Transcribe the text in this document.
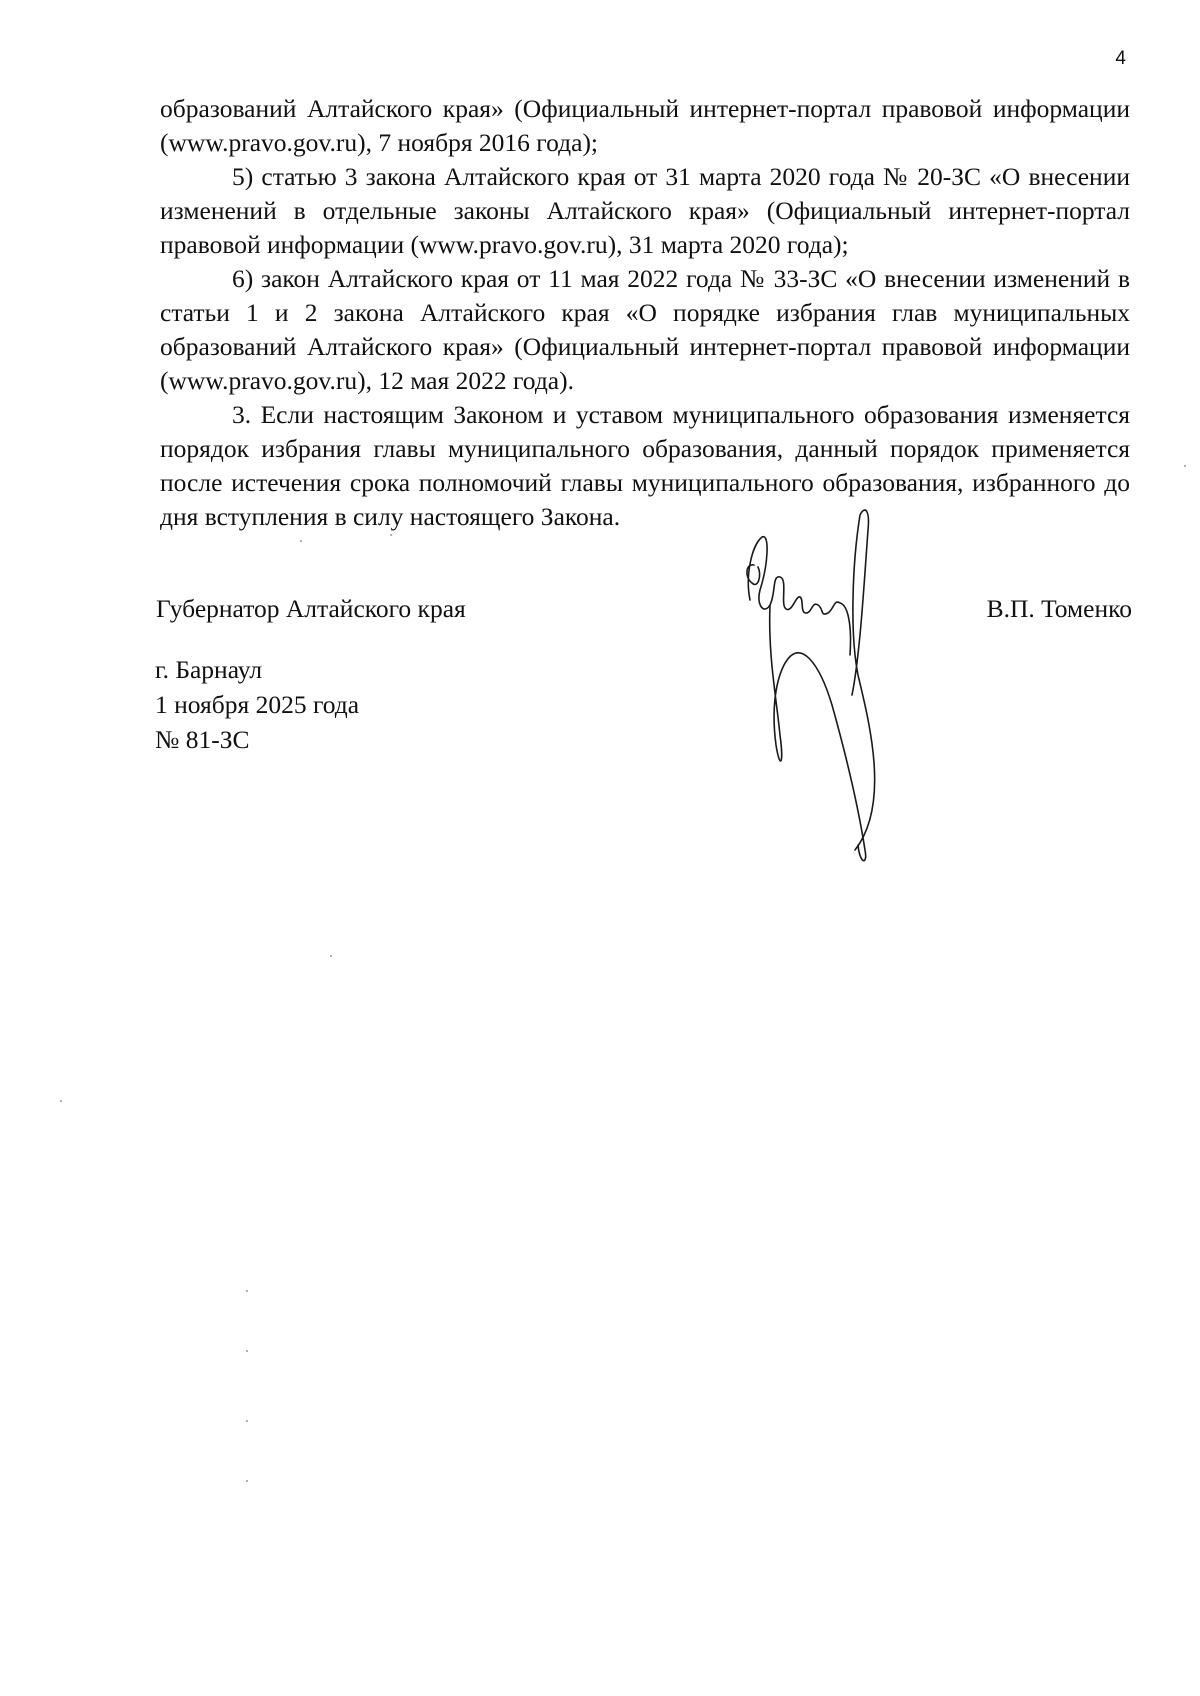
4

образований Алтайского края» (Официальный интернет-портал правовой информации (www.pravo.gov.ru), 7 ноября 2016 года);

5) статью 3 закона Алтайского края от 31 марта 2020 года № 20-ЗС «О внесении изменений в отдельные законы Алтайского края» (Официальный интернет-портал правовой информации (www.pravo.gov.ru), 31 марта 2020 года);

6) закон Алтайского края от 11 мая 2022 года № 33-ЗС «О внесении изменений в статьи 1 и 2 закона Алтайского края «О порядке избрания глав муниципальных образований Алтайского края» (Официальный интернет-портал правовой информации (www.pravo.gov.ru), 12 мая 2022 года).

3. Если настоящим Законом и уставом муниципального образования изменяется порядок избрания главы муниципального образования, данный порядок применяется после истечения срока полномочий главы муниципального образования, избранного до дня вступления в силу настоящего Закона.

Губернатор Алтайского края	В.П. Томенко
г. Барнаул
1 ноября 2025 года
№ 81-ЗС
